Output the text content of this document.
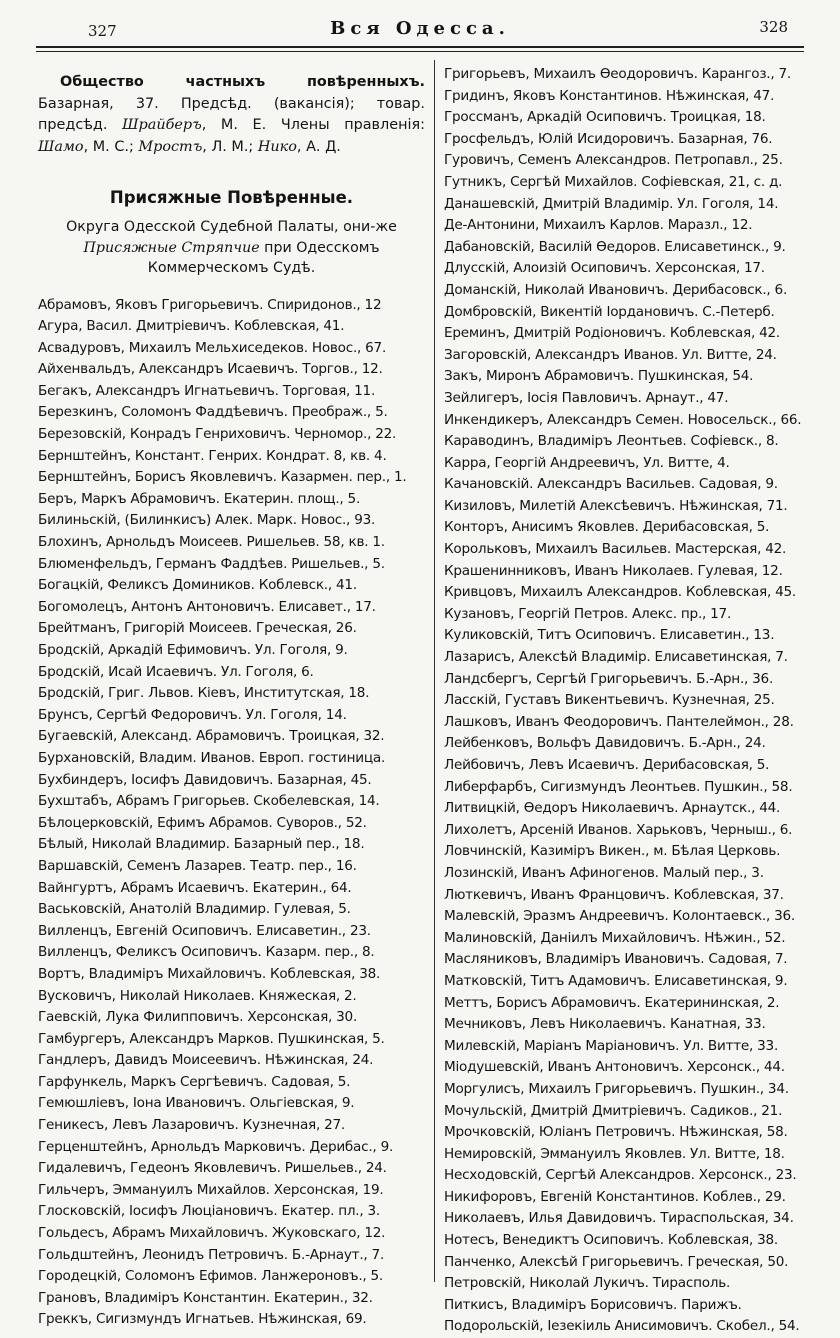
327	Вся Одесса.	328

Общество частныхъ повѣренныхъ. Базарная, 37. Предсѣд. (вакансія); товар. предсѣд. Шрайберъ, М. Е. Члены правленія: Шамо, М. С.; Мростъ, Л. М.; Нико, А. Д.

Присяжные Повѣренные.

Округа Одесской Судебной Палаты, они-же Присяжные Стряпчие при Одесскомъ Коммерческомъ Судѣ.

Абрамовъ, Яковъ Григорьевичъ. Спиридонов., 12
Агура, Васил. Дмитріевичъ. Коблевская, 41.
Асвадуровъ, Михаилъ Мельхиседеков. Новос., 67.
Айхенвальдъ, Александръ Исаевичъ. Торгов., 12.
Бегакъ, Александръ Игнатьевичъ. Торговая, 11.
Березкинъ, Соломонъ Фаддѣевичъ. Преображ., 5.
Березовскій, Конрадъ Генриховичъ. Черномор., 22.
Бернштейнъ, Констант. Генрих. Кондрат. 8, кв. 4.
Бернштейнъ, Борисъ Яковлевичъ. Казармен. пер., 1.
Беръ, Маркъ Абрамовичъ. Екатерин. площ., 5.
Билиньскій, (Билинкисъ) Алек. Марк. Новос., 93.
Блохинъ, Арнольдъ Моисеев. Ришельев. 58, кв. 1.
Блюменфельдъ, Германъ Фаддѣев. Ришельев., 5.
Богацкій, Феликсъ Домиников. Коблевск., 41.
Богомолецъ, Антонъ Антоновичъ. Елисавет., 17.
Брейтманъ, Григорій Моисеев. Греческая, 26.
Бродскій, Аркадій Ефимовичъ. Ул. Гоголя, 9.
Бродскій, Исай Исаевичъ. Ул. Гоголя, 6.
Бродскій, Григ. Львов. Кіевъ, Институтская, 18.
Брунсъ, Сергѣй Федоровичъ. Ул. Гоголя, 14.
Бугаевскій, Александ. Абрамовичъ. Троицкая, 32.
Бурхановскій, Владим. Иванов. Европ. гостиница.
Бухбиндеръ, Іосифъ Давидовичъ. Базарная, 45.
Бухштабъ, Абрамъ Григорьев. Скобелевская, 14.
Бѣлоцерковскій, Ефимъ Абрамов. Суворов., 52.
Бѣлый, Николай Владимир. Базарный пер., 18.
Варшавскій, Семенъ Лазарев. Театр. пер., 16.
Вайнгуртъ, Абрамъ Исаевичъ. Екатерин., 64.
Васьковскій, Анатолій Владимир. Гулевая, 5.
Вилленцъ, Евгеній Осиповичъ. Елисаветин., 23.
Вилленцъ, Феликсъ Осиповичъ. Казарм. пер., 8.
Вортъ, Владиміръ Михайловичъ. Коблевская, 38.
Вусковичъ, Николай Николаев. Княжеская, 2.
Гаевскій, Лука Филипповичъ. Херсонская, 30.
Гамбургеръ, Александръ Марков. Пушкинская, 5.
Гандлеръ, Давидъ Моисеевичъ. Нѣжинская, 24.
Гарфункель, Маркъ Сергѣевичъ. Садовая, 5.
Гемюшліевъ, Іона Ивановичъ. Ольгіевская, 9.
Геникесъ, Левъ Лазаровичъ. Кузнечная, 27.
Герценштейнъ, Арнольдъ Марковичъ. Дерибас., 9.
Гидалевичъ, Гедеонъ Яковлевичъ. Ришельев., 24.
Гильчеръ, Эммануилъ Михайлов. Херсонская, 19.
Глосковскій, Іосифъ Люціановичъ. Екатер. пл., 3.
Гольдесъ, Абрамъ Михайловичъ. Жуковскаго, 12.
Гольдштейнъ, Леонидъ Петровичъ. Б.-Арнаут., 7.
Городецкій, Соломонъ Ефимов. Ланжероновъ., 5.
Грановъ, Владиміръ Константин. Екатерин., 32.
Греккъ, Сигизмундъ Игнатьев. Нѣжинская, 69.
Григорьевъ, Михаилъ Ѳеодоровичъ. Карангоз., 7.
Гридинъ, Яковъ Константинов. Нѣжинская, 47.
Гроссманъ, Аркадій Осиповичъ. Троицкая, 18.
Гросфельдъ, Юлій Исидоровичъ. Базарная, 76.
Гуровичъ, Семенъ Александров. Петропавл., 25.
Гутникъ, Сергѣй Михайлов. Софіевская, 21, с. д.
Данашевскій, Дмитрій Владимір. Ул. Гоголя, 14.
Де-Антонини, Михаилъ Карлов. Маразл., 12.
Дабановскій, Василій Ѳедоров. Елисаветинск., 9.
Длусскій, Алоизій Осиповичъ. Херсонская, 17.
Доманскій, Николай Ивановичъ. Дерибасовск., 6.
Домбровскій, Викентій Іордановичъ. С.-Петерб.
Ереминъ, Дмитрій Родіоновичъ. Коблевская, 42.
Загоровскій, Александръ Иванов. Ул. Витте, 24.
Закъ, Миронъ Абрамовичъ. Пушкинская, 54.
Зейлигеръ, Іосія Павловичъ. Арнаут., 47.
Инкендикеръ, Александръ Семен. Новосельск., 66.
Караводинъ, Владиміръ Леонтьев. Софіевск., 8.
Карра, Георгій Андреевичъ, Ул. Витте, 4.
Качановскій. Александръ Васильев. Садовая, 9.
Кизиловъ, Милетій Алексѣевичъ. Нѣжинская, 71.
Конторъ, Анисимъ Яковлев. Дерибасовская, 5.
Корольковъ, Михаилъ Васильев. Мастерская, 42.
Крашенинниковъ, Иванъ Николаев. Гулевая, 12.
Кривцовъ, Михаилъ Александров. Коблевская, 45.
Кузановъ, Георгій Петров. Алекс. пр., 17.
Куликовскій, Титъ Осиповичъ. Елисаветин., 13.
Лазарисъ, Алексѣй Владимір. Елисаветинская, 7.
Ландсбергъ, Сергѣй Григорьевичъ. Б.-Арн., 36.
Ласскій, Густавъ Викентьевичъ. Кузнечная, 25.
Лашковъ, Иванъ Феодоровичъ. Пантелеймон., 28.
Лейбенковъ, Вольфъ Давидовичъ. Б.-Арн., 24.
Лейбовичъ, Левъ Исаевичъ. Дерибасовская, 5.
Либерфарбъ, Сигизмундъ Леонтьев. Пушкин., 58.
Литвицкій, Ѳедоръ Николаевичъ. Арнаутск., 44.
Лихолетъ, Арсеній Иванов. Харьковъ, Черныш., 6.
Ловчинскій, Казиміръ Викен., м. Бѣлая Церковь.
Лозинскій, Иванъ Афиногенов. Малый пер., 3.
Люткевичъ, Иванъ Францовичъ. Коблевская, 37.
Малевскій, Эразмъ Андреевичъ. Колонтаевск., 36.
Малиновскій, Даніилъ Михайловичъ. Нѣжин., 52.
Масляниковъ, Владиміръ Ивановичъ. Садовая, 7.
Матковскій, Титъ Адамовичъ. Елисаветинская, 9.
Меттъ, Борисъ Абрамовичъ. Екатерининская, 2.
Мечниковъ, Левъ Николаевичъ. Канатная, 33.
Милевскій, Маріанъ Маріановичъ. Ул. Витте, 33.
Міодушевскій, Иванъ Антоновичъ. Херсонск., 44.
Моргулисъ, Михаилъ Григорьевичъ. Пушкин., 34.
Мочульскій, Дмитрій Дмитріевичъ. Садиков., 21.
Мрочковскій, Юліанъ Петровичъ. Нѣжинская, 58.
Немировскій, Эммануилъ Яковлев. Ул. Витте, 18.
Несходовскій, Сергѣй Александров. Херсонск., 23.
Никифоровъ, Евгеній Константинов. Коблев., 29.
Николаевъ, Илья Давидовичъ. Тираспольская, 34.
Нотесъ, Венедиктъ Осиповичъ. Коблевская, 38.
Панченко, Алексѣй Григорьевичъ. Греческая, 50.
Петровскій, Николай Лукичъ. Тирасполь.
Питкисъ, Владиміръ Борисовичъ. Парижъ.
Подорольскій, Іезекіиль Анисимовичъ. Скобел., 54.
